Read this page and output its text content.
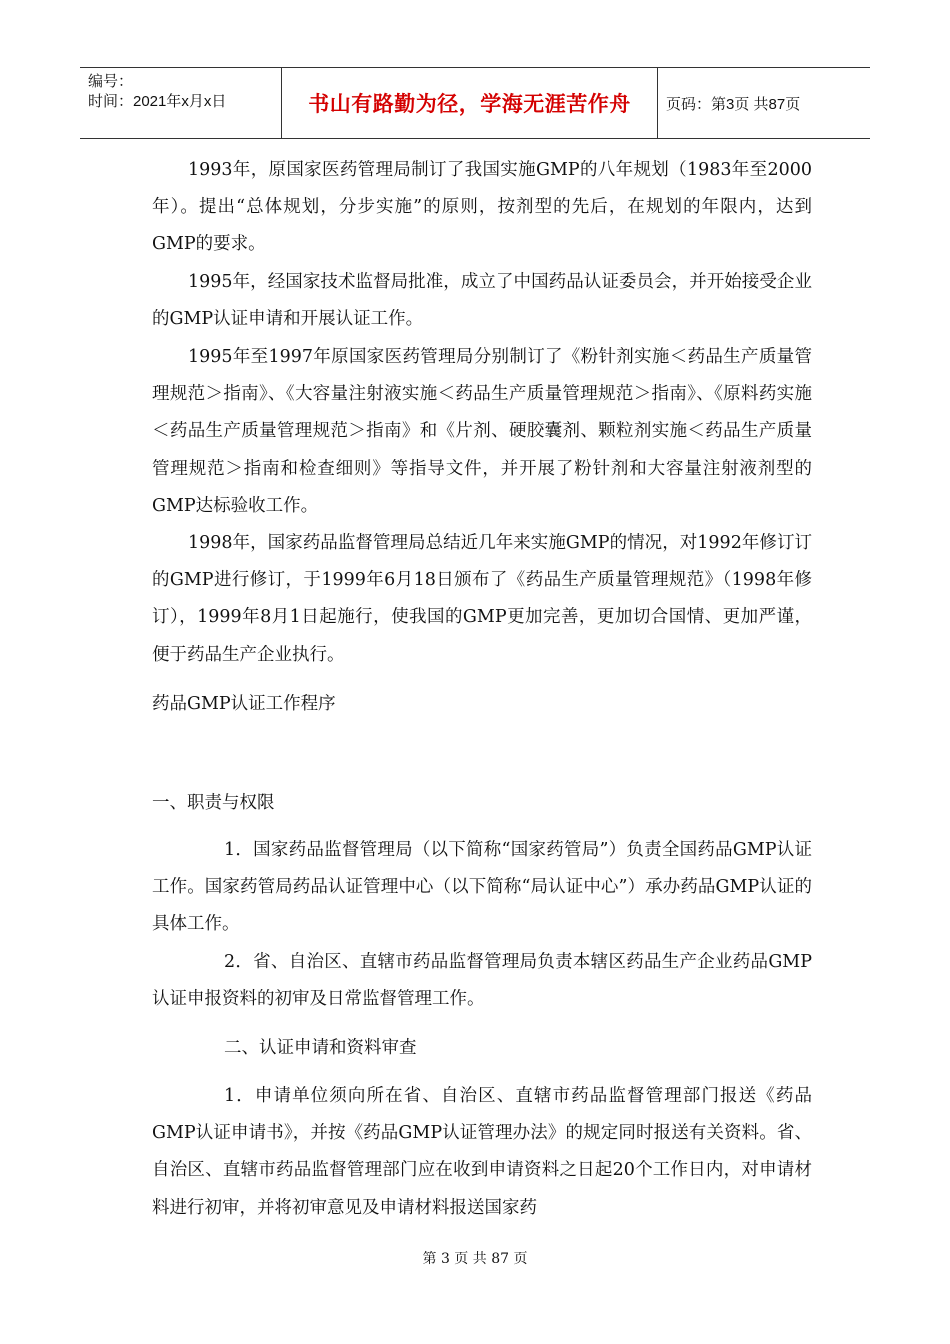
编号：
时间：2021年x月x日	书山有路勤为径，学海无涯苦作舟	页码：第3页 共87页

1993年，原国家医药管理局制订了我国实施GMP的八年规划（1983年至2000年）。提出“总体规划，分步实施”的原则，按剂型的先后，在规划的年限内，达到GMP的要求。

1995年，经国家技术监督局批准，成立了中国药品认证委员会，并开始接受企业的GMP认证申请和开展认证工作。

1995年至1997年原国家医药管理局分别制订了《粉针剂实施＜药品生产质量管理规范＞指南》、《大容量注射液实施＜药品生产质量管理规范＞指南》、《原料药实施＜药品生产质量管理规范＞指南》和《片剂、硬胶囊剂、颗粒剂实施＜药品生产质量管理规范＞指南和检查细则》等指导文件，并开展了粉针剂和大容量注射液剂型的GMP达标验收工作。

1998年，国家药品监督管理局总结近几年来实施GMP的情况，对1992年修订订的GMP进行修订，于1999年6月18日颁布了《药品生产质量管理规范》（1998年修订），1999年8月1日起施行，使我国的GMP更加完善，更加切合国情、更加严谨，便于药品生产企业执行。

药品GMP认证工作程序

一、职责与权限

1．国家药品监督管理局（以下简称“国家药管局”）负责全国药品GMP认证工作。国家药管局药品认证管理中心（以下简称“局认证中心”）承办药品GMP认证的具体工作。

2．省、自治区、直辖市药品监督管理局负责本辖区药品生产企业药品GMP认证申报资料的初审及日常监督管理工作。

二、认证申请和资料审查

1．申请单位须向所在省、自治区、直辖市药品监督管理部门报送《药品GMP认证申请书》，并按《药品GMP认证管理办法》的规定同时报送有关资料。省、自治区、直辖市药品监督管理部门应在收到申请资料之日起20个工作日内，对申请材料进行初审，并将初审意见及申请材料报送国家药

第 3 页 共 87 页
